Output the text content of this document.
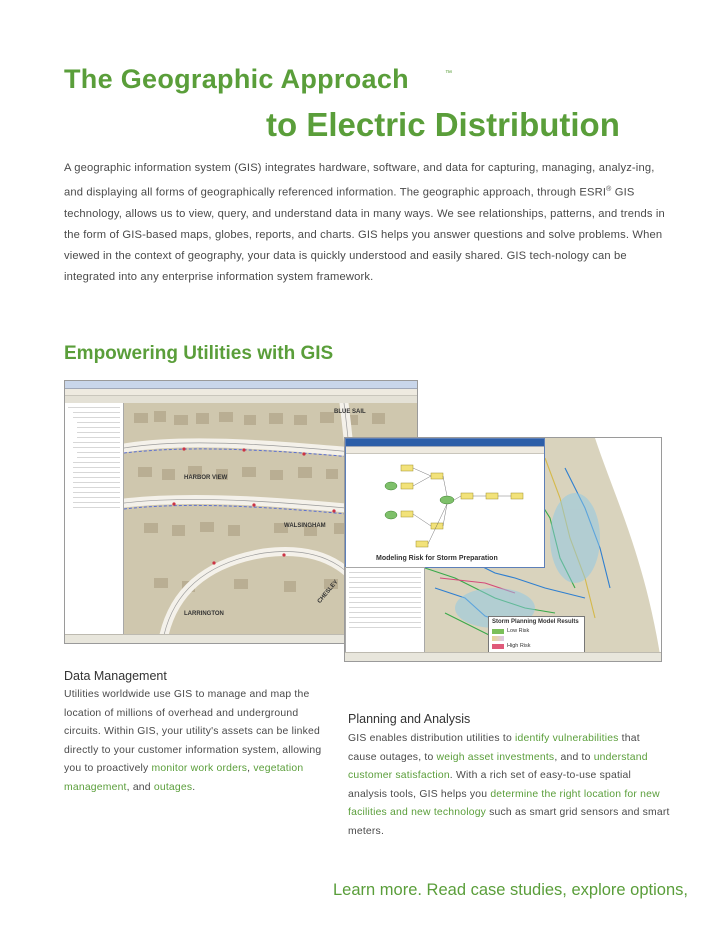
The Geographic Approach	™
to Electric Distribution
A geographic information system (GIS) integrates hardware, software, and data for capturing, managing, analyz-ing, and displaying all forms of geographically referenced information. The geographic approach, through ESRI® GIS technology, allows us to view, query, and understand data in many ways. We see relationships, patterns, and trends in the form of GIS-based maps, globes, reports, and charts. GIS helps you answer questions and solve problems. When viewed in the context of geography, your data is quickly understood and easily shared. GIS tech-nology can be integrated into any enterprise information system framework.
Empowering Utilities with GIS
BLUE SAIL
HARBOR VIEW
WALSINGHAM
LARRINGTON
CHESLEY
Modeling Risk for Storm Preparation

Storm Planning Model Results

Low Risk
High Risk
Data Management
Utilities worldwide use GIS to manage and map the location of millions of overhead and underground circuits. Within GIS, your utility's assets can be linked directly to your customer information system, allowing you to proactively monitor work orders, vegetation management, and outages.
Planning and Analysis
GIS enables distribution utilities to identify vulnerabilities that cause outages, to weigh asset investments, and to understand customer satisfaction. With a rich set of easy-to-use spatial analysis tools, GIS helps you determine the right location for new facilities and new technology such as smart grid sensors and smart meters.

Learn more. Read case studies, explore options,
